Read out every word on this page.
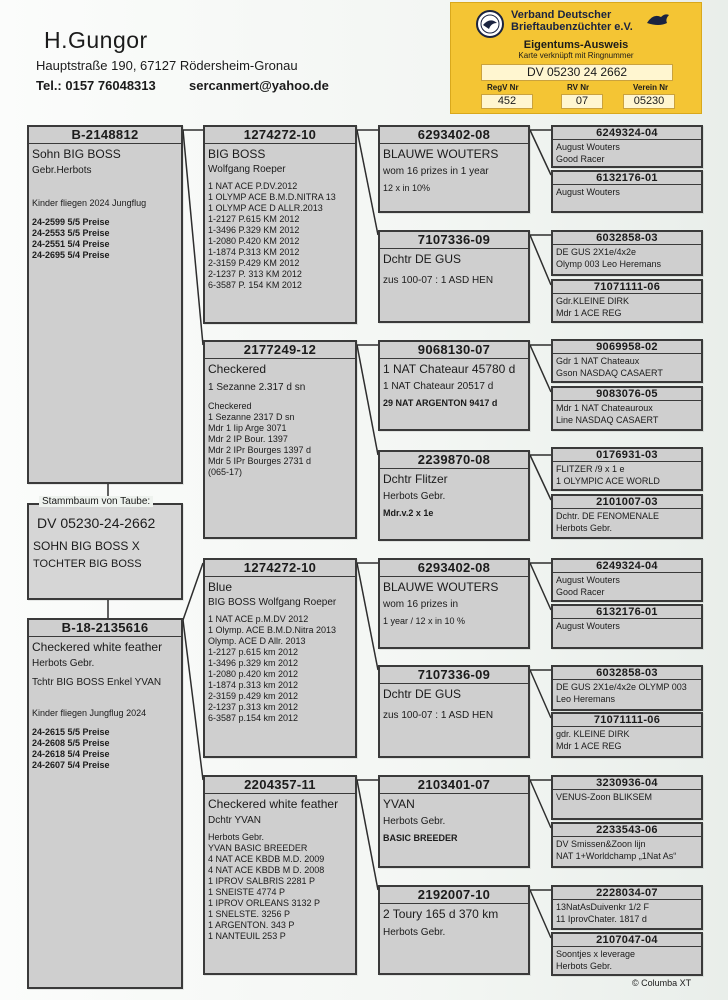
H.Gungor
Hauptstraße 190, 67127 Rödersheim-Gronau
Tel.: 0157 76048313	sercanmert@yahoo.de
Verband Deutscher
Brieftaubenzüchter e.V.
Eigentums-Ausweis
Karte verknüpft mit Ringnummer
DV 05230 24 2662
RegV Nr	RV Nr	Verein Nr
452	07	05230
B-2148812
Sohn BIG BOSS
Gebr.Herbots
Kinder fliegen 2024 Jungflug
24-2599 5/5 Preise
24-2553 5/5 Preise
24-2551 5/4 Preise
24-2695 5/4 Preise
Stammbaum von Taube:
DV 05230-24-2662
SOHN BIG BOSS X
TOCHTER BIG BOSS
B-18-2135616
Checkered white feather
Herbots Gebr.
Tchtr BIG BOSS Enkel YVAN
Kinder fliegen Jungflug 2024
24-2615 5/5 Preise
24-2608 5/5 Preise
24-2618 5/4 Preise
24-2607 5/4 Preise
1274272-10
BIG BOSS
Wolfgang Roeper
1 NAT ACE P.DV.2012
1 OLYMP ACE B.M.D.NITRA 13
1 OLYMP ACE D ALLR.2013
1-2127 P.615 KM 2012
1-3496 P.329 KM 2012
1-2080 P.420 KM 2012
1-1874 P.313 KM 2012
2-3159 P.429 KM 2012
2-1237 P. 313 KM 2012
6-3587 P. 154 KM 2012
2177249-12
Checkered
1 Sezanne 2.317 d sn
Checkered
1 Sezanne 2317 D sn
Mdr 1 Iip Arge 3071
Mdr 2 IP Bour. 1397
Mdr 2 IPr Bourges 1397 d
Mdr 5 IPr Bourges 2731 d
(065-17)
1274272-10
Blue
BIG BOSS Wolfgang Roeper
1 NAT ACE p.M.DV 2012
1 Olymp. ACE B.M.D.Nitra 2013
Olymp. ACE D Allr. 2013
1-2127 p.615 km 2012
1-3496 p.329 km 2012
1-2080 p.420 km 2012
1-1874 p.313 km 2012
2-3159 p.429 km 2012
2-1237 p.313 km 2012
6-3587 p.154 km 2012
2204357-11
Checkered white feather
Dchtr YVAN
Herbots Gebr.
YVAN BASIC BREEDER
4 NAT ACE KBDB M.D. 2009
4 NAT ACE KBDB M D. 2008
1 IPROV SALBRIS 2281 P
1 SNEISTE 4774 P
1 IPROV ORLEANS 3132 P
1 SNELSTE. 3256 P
1 ARGENTON. 343 P
1 NANTEUIL 253 P
6293402-08
BLAUWE WOUTERS
wom 16 prizes in 1 year
12 x in 10%
7107336-09
Dchtr DE GUS
zus 100-07 : 1 ASD HEN
9068130-07
1 NAT Chateaur 45780 d
1 NAT Chateaur 20517 d
29 NAT ARGENTON 9417 d
2239870-08
Dchtr Flitzer
Herbots Gebr.
Mdr.v.2 x 1e
6293402-08
BLAUWE WOUTERS
wom 16 prizes in
1 year / 12 x in 10 %
7107336-09
Dchtr DE GUS
zus 100-07 : 1 ASD HEN
2103401-07
YVAN
Herbots Gebr.
BASIC BREEDER
2192007-10
2 Toury 165 d 370 km
Herbots Gebr.
6249324-04
August Wouters
Good Racer
6132176-01
August Wouters
6032858-03
DE GUS 2X1e/4x2e
Olymp 003 Leo Heremans
71071111-06
Gdr.KLEINE DIRK
Mdr 1 ACE REG
9069958-02
Gdr 1 NAT Chateaux
Gson NASDAQ CASAERT
9083076-05
Mdr 1 NAT Chateauroux
Line NASDAQ CASAERT
0176931-03
FLITZER /9 x 1 e
1 OLYMPIC ACE WORLD
2101007-03
Dchtr. DE FENOMENALE
Herbots Gebr.
6249324-04
August Wouters
Good Racer
6132176-01
August Wouters
6032858-03
DE GUS 2X1e/4x2e OLYMP 003
Leo Heremans
71071111-06
gdr. KLEINE DIRK
Mdr 1 ACE REG
3230936-04
VENUS-Zoon BLIKSEM
2233543-06
DV Smissen&Zoon lijn
NAT 1+Worldchamp „1Nat As“
2228034-07
13NatAsDuivenkr 1/2 F
11 IprovChater. 1817 d
2107047-04
Soontjes x leverage
Herbots Gebr.
© Columba XT
